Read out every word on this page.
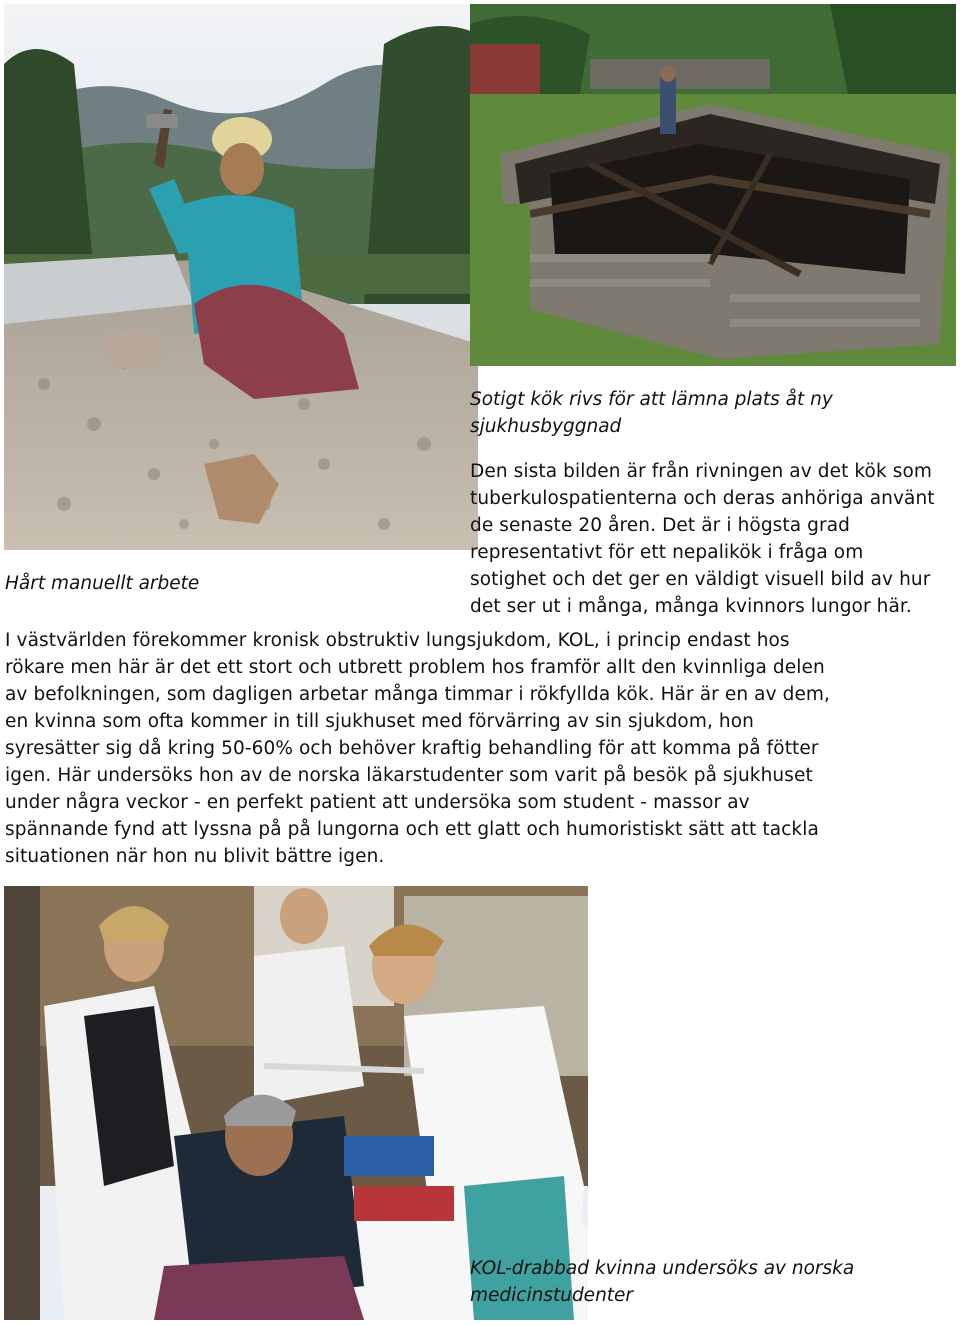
Sotigt kök rivs för att lämna plats åt ny
sjukhusbyggnad
Den sista bilden är från rivningen av det kök som
tuberkulospatienterna och deras anhöriga använt
de senaste 20 åren. Det är i högsta grad
representativt för ett nepalikök i fråga om
sotighet och det ger en väldigt visuell bild av hur
det ser ut i många, många kvinnors lungor här.
Hårt manuellt arbete
I västvärlden förekommer kronisk obstruktiv lungsjukdom, KOL, i princip endast hos
rökare men här är det ett stort och utbrett problem hos framför allt den kvinnliga delen
av befolkningen, som dagligen arbetar många timmar i rökfyllda kök. Här är en av dem,
en kvinna som ofta kommer in till sjukhuset med förvärring av sin sjukdom, hon
syresätter sig då kring 50-60% och behöver kraftig behandling för att komma på fötter
igen. Här undersöks hon av de norska läkarstudenter som varit på besök på sjukhuset
under några veckor - en perfekt patient att undersöka som student - massor av
spännande fynd att lyssna på på lungorna och ett glatt och humoristiskt sätt att tackla
situationen när hon nu blivit bättre igen.
KOL-drabbad kvinna undersöks av norska
medicinstudenter
